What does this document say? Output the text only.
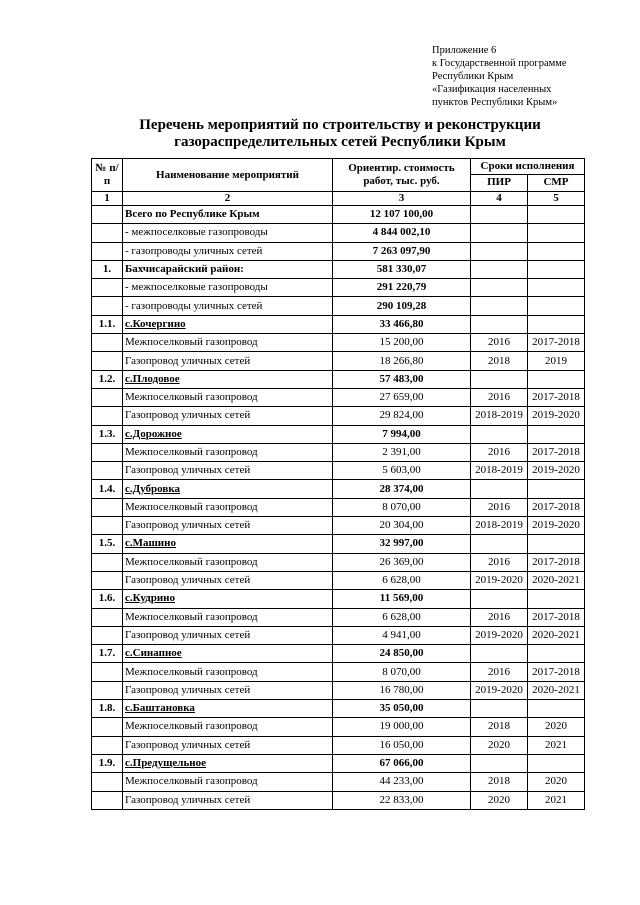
Приложение 6
к Государственной программе
Республики Крым
«Газификация населенных
пунктов Республики Крым»
Перечень мероприятий по строительству и реконструкции
газораспределительных сетей Республики Крым
№ п/п	Наименование мероприятий	Ориентир. стоимость работ, тыс. руб.	Сроки исполнения	
			ПИР	СМР
1	2	3	4	5
	Всего по Республике Крым	12 107 100,00		
	- межпоселковые газопроводы	4 844 002,10		
	- газопроводы уличных сетей	7 263 097,90		
1.	Бахчисарайский район:	581 330,07		
	- межпоселковые газопроводы	291 220,79		
	- газопроводы уличных сетей	290 109,28		
1.1.	с.Кочергино	33 466,80		
	Межпоселковый газопровод	15 200,00	2016	2017-2018
	Газопровод уличных сетей	18 266,80	2018	2019
1.2.	с.Плодовое	57 483,00		
	Межпоселковый газопровод	27 659,00	2016	2017-2018
	Газопровод уличных сетей	29 824,00	2018-2019	2019-2020
1.3.	с.Дорожное	7 994,00		
	Межпоселковый газопровод	2 391,00	2016	2017-2018
	Газопровод уличных сетей	5 603,00	2018-2019	2019-2020
1.4.	с.Дубровка	28 374,00		
	Межпоселковый газопровод	8 070,00	2016	2017-2018
	Газопровод уличных сетей	20 304,00	2018-2019	2019-2020
1.5.	с.Машино	32 997,00		
	Межпоселковый газопровод	26 369,00	2016	2017-2018
	Газопровод уличных сетей	6 628,00	2019-2020	2020-2021
1.6.	с.Кудрино	11 569,00		
	Межпоселковый газопровод	6 628,00	2016	2017-2018
	Газопровод уличных сетей	4 941,00	2019-2020	2020-2021
1.7.	с.Синапное	24 850,00		
	Межпоселковый газопровод	8 070,00	2016	2017-2018
	Газопровод уличных сетей	16 780,00	2019-2020	2020-2021
1.8.	с.Баштановка	35 050,00		
	Межпоселковый газопровод	19 000,00	2018	2020
	Газопровод уличных сетей	16 050,00	2020	2021
1.9.	с.Предущельное	67 066,00		
	Межпоселковый газопровод	44 233,00	2018	2020
	Газопровод уличных сетей	22 833,00	2020	2021
